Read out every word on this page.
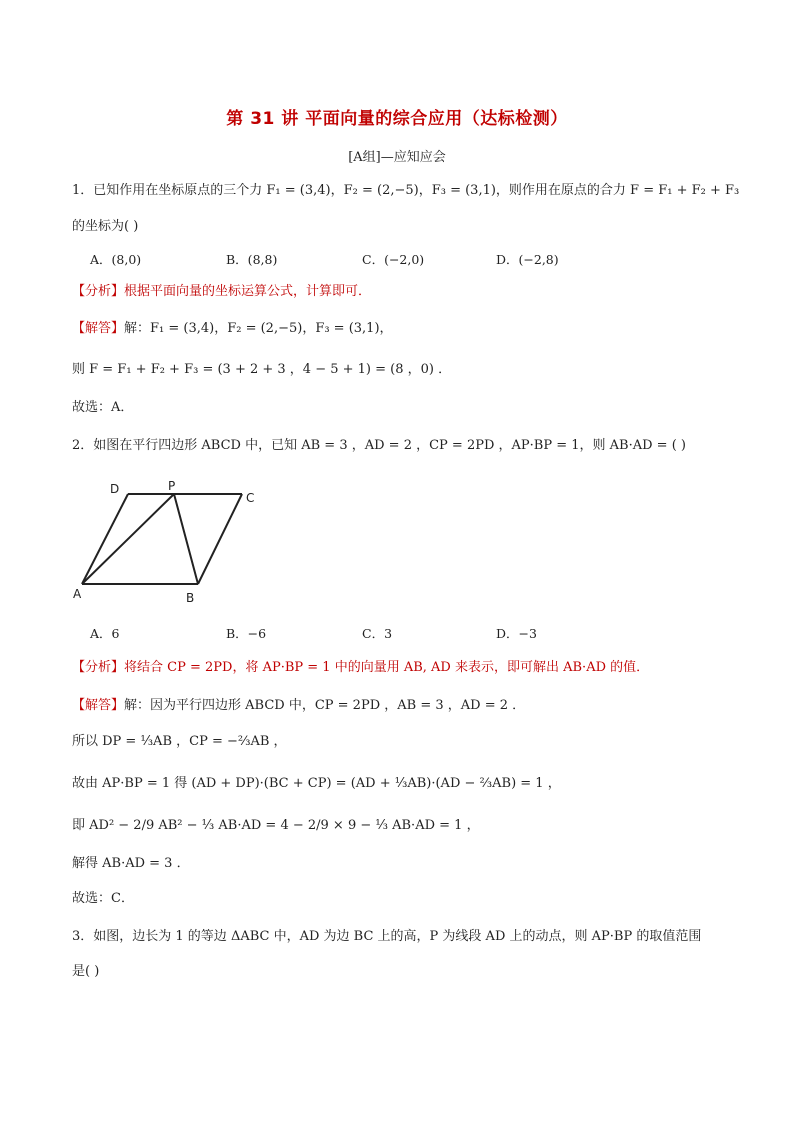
第 31 讲 平面向量的综合应用（达标检测）
[A组]—应知应会
1．已知作用在坐标原点的三个力 F₁ = (3,4)，F₂ = (2,−5)，F₃ = (3,1)，则作用在原点的合力 F = F₁ + F₂ + F₃
的坐标为( )
A．(8,0)	B．(8,8)	C．(−2,0)	D．(−2,8)
【分析】根据平面向量的坐标运算公式，计算即可．
【解答】解：F₁ = (3,4)，F₂ = (2,−5)，F₃ = (3,1)，
则 F = F₁ + F₂ + F₃ = (3 + 2 + 3 ，4 − 5 + 1) = (8 ，0) ．
故选：A．
2．如图在平行四边形 ABCD 中，已知 AB = 3 ，AD = 2 ，CP = 2PD ，AP·BP = 1，则 AB·AD = ( )
D	P
C
A	B
A．6	B．−6	C．3	D．−3
【分析】将结合 CP = 2PD，将 AP·BP = 1 中的向量用 AB, AD 来表示，即可解出 AB·AD 的值．
【解答】解：因为平行四边形 ABCD 中，CP = 2PD ，AB = 3 ，AD = 2 ．
所以 DP = ⅓AB ，CP = −⅔AB ，
故由 AP·BP = 1 得 (AD + DP)·(BC + CP) = (AD + ⅓AB)·(AD − ⅔AB) = 1 ，
即 AD² − 2/9 AB² − ⅓ AB·AD = 4 − 2/9 × 9 − ⅓ AB·AD = 1 ，
解得 AB·AD = 3 ．
故选：C．
3．如图，边长为 1 的等边 ΔABC 中，AD 为边 BC 上的高，P 为线段 AD 上的动点，则 AP·BP 的取值范围
是( )
